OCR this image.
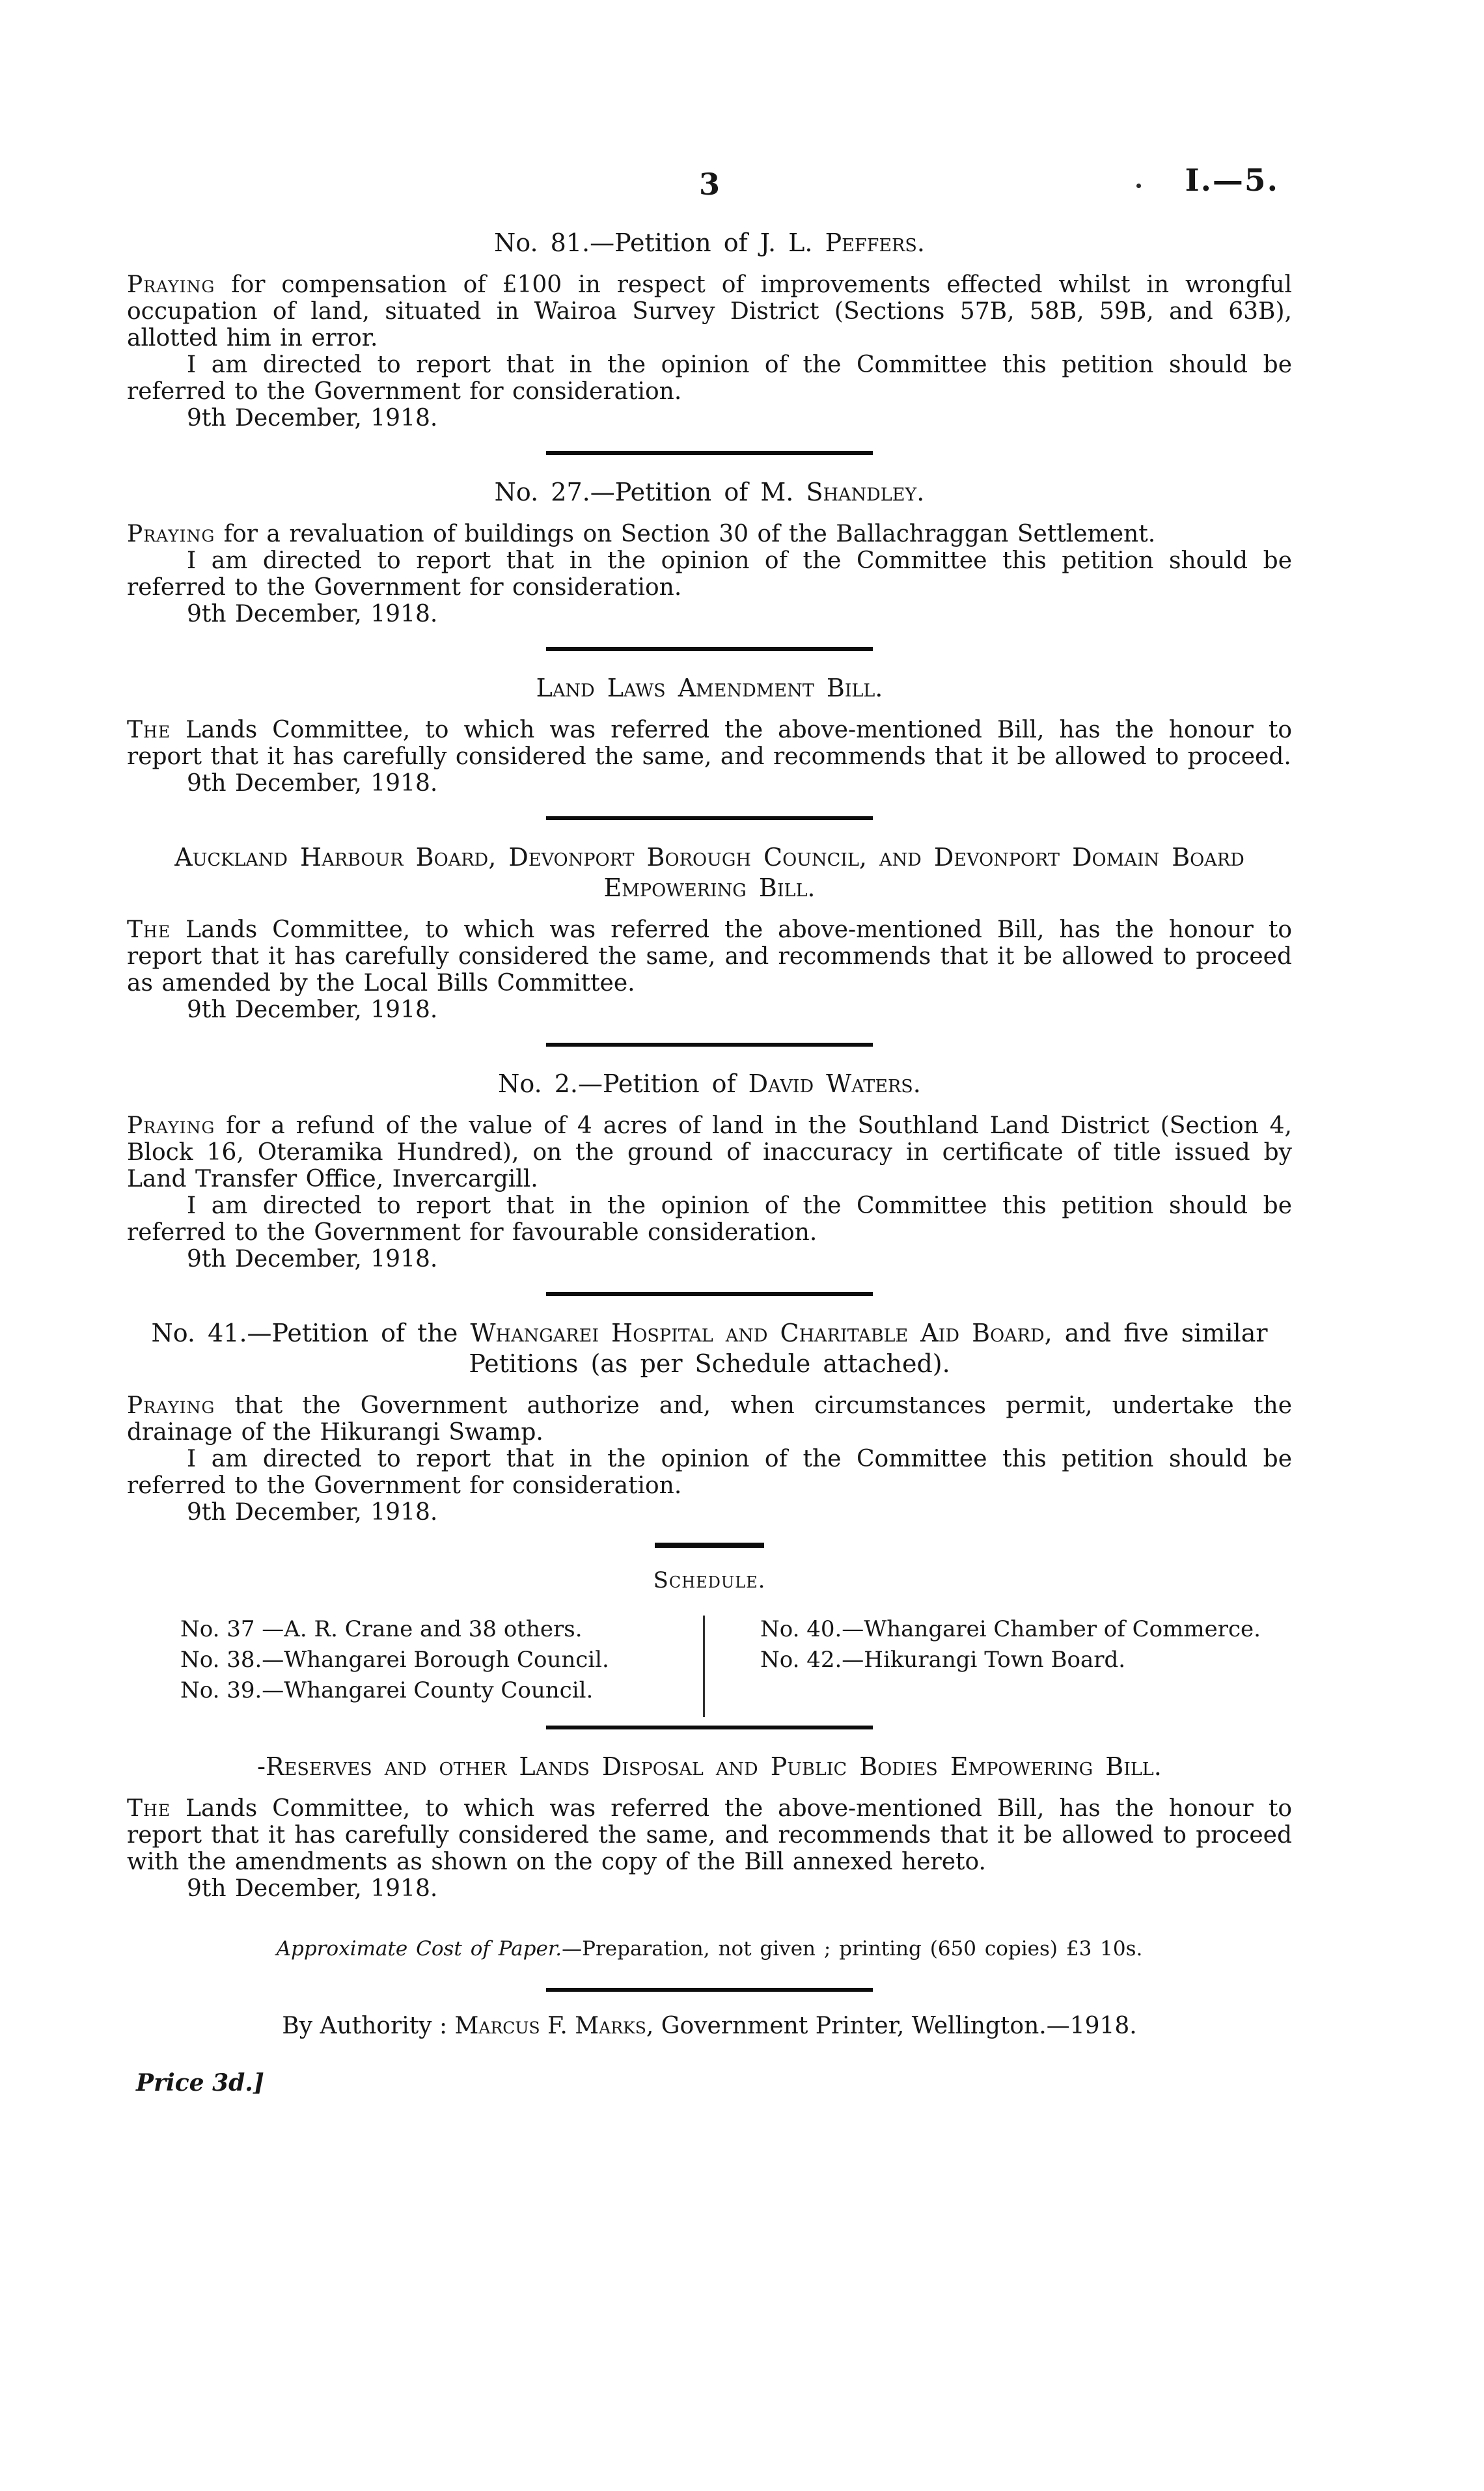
3	I.—5.
No. 81.—Petition of J. L. Peffers.

Praying for compensation of £100 in respect of improvements effected whilst in wrongful occupation of land, situated in Wairoa Survey District (Sections 57B, 58B, 59B, and 63B), allotted him in error.

I am directed to report that in the opinion of the Committee this petition should be referred to the Government for consideration.

9th December, 1918.

No. 27.—Petition of M. Shandley.

Praying for a revaluation of buildings on Section 30 of the Ballachraggan Settlement.

I am directed to report that in the opinion of the Committee this petition should be referred to the Government for consideration.

9th December, 1918.

Land Laws Amendment Bill.

The Lands Committee, to which was referred the above-mentioned Bill, has the honour to report that it has carefully considered the same, and recommends that it be allowed to proceed.

9th December, 1918.

Auckland Harbour Board, Devonport Borough Council, and Devonport Domain Board
Empowering Bill.

The Lands Committee, to which was referred the above-mentioned Bill, has the honour to report that it has carefully considered the same, and recommends that it be allowed to proceed as amended by the Local Bills Committee.

9th December, 1918.

No. 2.—Petition of David Waters.

Praying for a refund of the value of 4 acres of land in the Southland Land District (Section 4, Block 16, Oteramika Hundred), on the ground of inaccuracy in certificate of title issued by Land Transfer Office, Invercargill.

I am directed to report that in the opinion of the Committee this petition should be referred to the Government for favourable consideration.

9th December, 1918.

No. 41.—Petition of the Whangarei Hospital and Charitable Aid Board, and five similar
Petitions (as per Schedule attached).

Praying that the Government authorize and, when circumstances permit, undertake the drainage of the Hikurangi Swamp.

I am directed to report that in the opinion of the Committee this petition should be referred to the Government for consideration.

9th December, 1918.

Schedule.

No. 37 —A. R. Crane and 38 others.

No. 38.—Whangarei Borough Council.

No. 39.—Whangarei County Council.

No. 40.—Whangarei Chamber of Commerce.

No. 42.—Hikurangi Town Board.

-Reserves and other Lands Disposal and Public Bodies Empowering Bill.

The Lands Committee, to which was referred the above-mentioned Bill, has the honour to report that it has carefully considered the same, and recommends that it be allowed to proceed with the amendments as shown on the copy of the Bill annexed hereto.

9th December, 1918.

Approximate Cost of Paper.—Preparation, not given ; printing (650 copies) £3 10s.

By Authority : Marcus F. Marks, Government Printer, Wellington.—1918.

Price 3d.]
